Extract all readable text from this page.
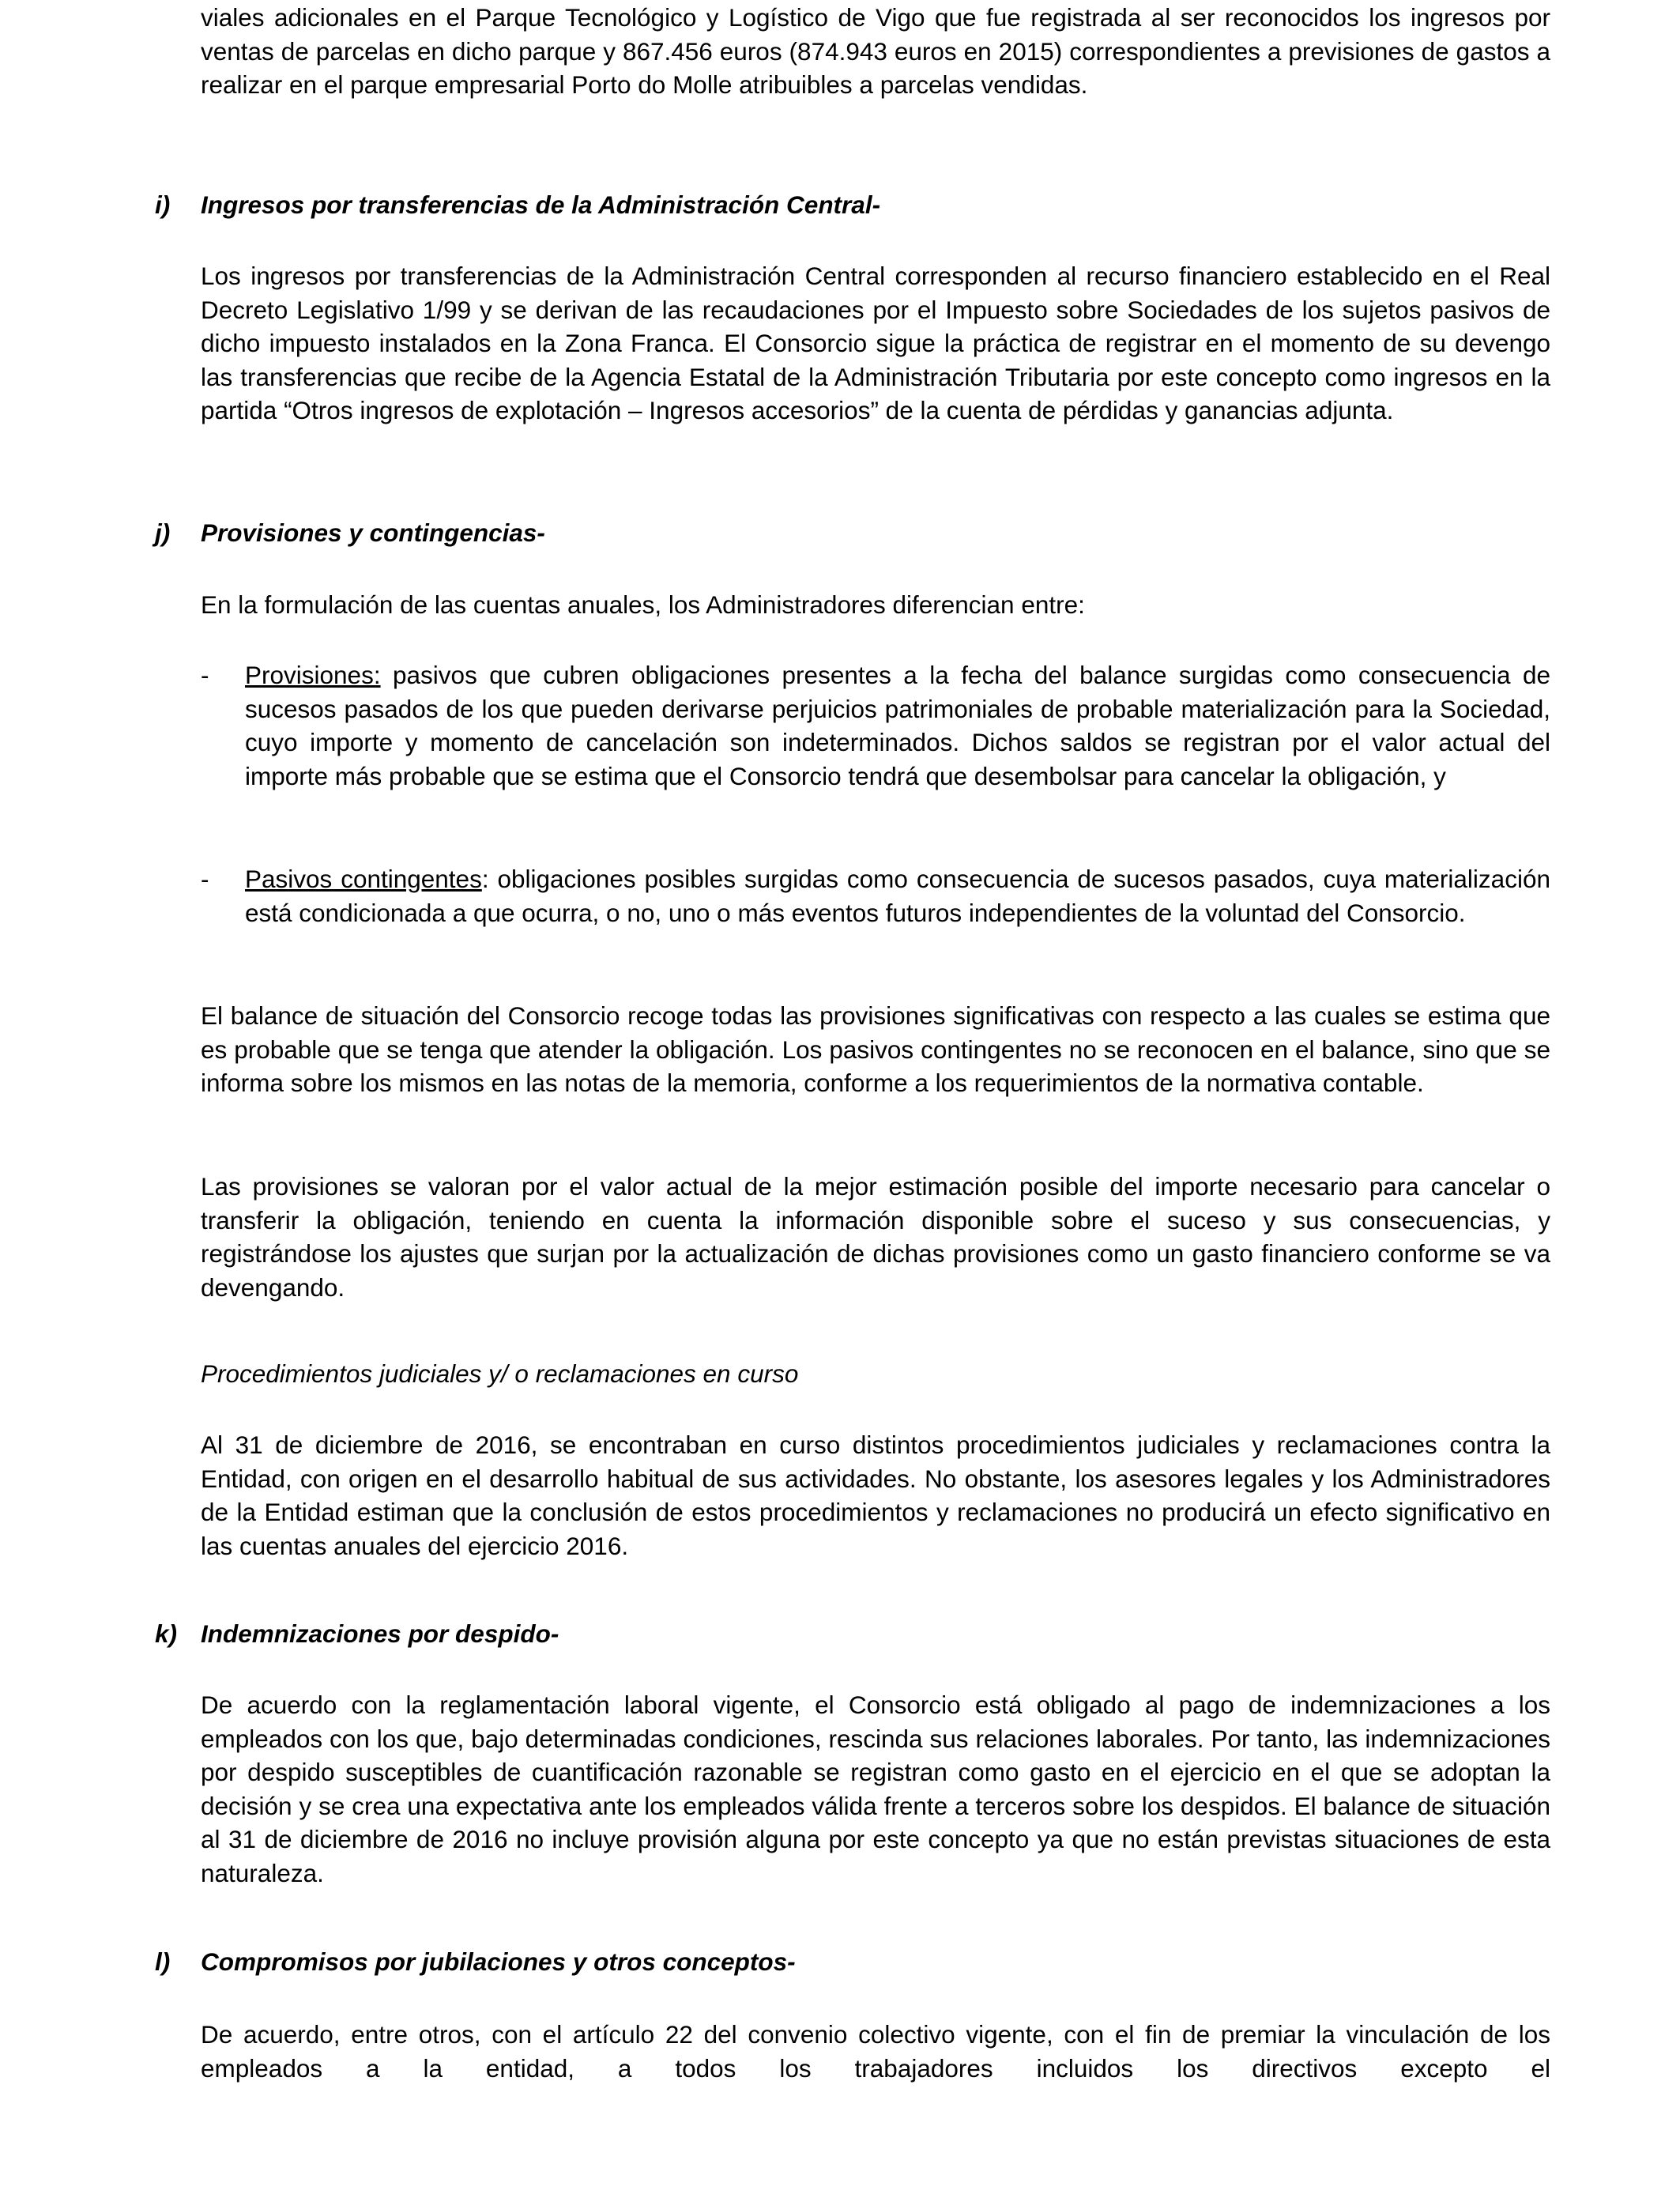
viales adicionales en el Parque Tecnológico y Logístico de Vigo que fue registrada al ser reconocidos los ingresos por ventas de parcelas en dicho parque y 867.456 euros (874.943 euros en 2015) correspondientes a previsiones de gastos a realizar en el parque empresarial Porto do Molle atribuibles a parcelas vendidas.

i) Ingresos por transferencias de la Administración Central-

Los ingresos por transferencias de la Administración Central corresponden al recurso financiero establecido en el Real Decreto Legislativo 1/99 y se derivan de las recaudaciones por el Impuesto sobre Sociedades de los sujetos pasivos de dicho impuesto instalados en la Zona Franca. El Consorcio sigue la práctica de registrar en el momento de su devengo las transferencias que recibe de la Agencia Estatal de la Administración Tributaria por este concepto como ingresos en la partida “Otros ingresos de explotación – Ingresos accesorios” de la cuenta de pérdidas y ganancias adjunta.

j) Provisiones y contingencias-

En la formulación de las cuentas anuales, los Administradores diferencian entre:

-	Provisiones: pasivos que cubren obligaciones presentes a la fecha del balance surgidas como consecuencia de sucesos pasados de los que pueden derivarse perjuicios patrimoniales de probable materialización para la Sociedad, cuyo importe y momento de cancelación son indeterminados. Dichos saldos se registran por el valor actual del importe más probable que se estima que el Consorcio tendrá que desembolsar para cancelar la obligación, y
-	Pasivos contingentes: obligaciones posibles surgidas como consecuencia de sucesos pasados, cuya materialización está condicionada a que ocurra, o no, uno o más eventos futuros independientes de la voluntad del Consorcio.

El balance de situación del Consorcio recoge todas las provisiones significativas con respecto a las cuales se estima que es probable que se tenga que atender la obligación. Los pasivos contingentes no se reconocen en el balance, sino que se informa sobre los mismos en las notas de la memoria, conforme a los requerimientos de la normativa contable.

Las provisiones se valoran por el valor actual de la mejor estimación posible del importe necesario para cancelar o transferir la obligación, teniendo en cuenta la información disponible sobre el suceso y sus consecuencias, y registrándose los ajustes que surjan por la actualización de dichas provisiones como un gasto financiero conforme se va devengando.

Procedimientos judiciales y/ o reclamaciones en curso

Al 31 de diciembre de 2016, se encontraban en curso distintos procedimientos judiciales y reclamaciones contra la Entidad, con origen en el desarrollo habitual de sus actividades. No obstante, los asesores legales y los Administradores de la Entidad estiman que la conclusión de estos procedimientos y reclamaciones no producirá un efecto significativo en las cuentas anuales del ejercicio 2016.

k) Indemnizaciones por despido-

De acuerdo con la reglamentación laboral vigente, el Consorcio está obligado al pago de indemnizaciones a los empleados con los que, bajo determinadas condiciones, rescinda sus relaciones laborales. Por tanto, las indemnizaciones por despido susceptibles de cuantificación razonable se registran como gasto en el ejercicio en el que se adoptan la decisión y se crea una expectativa ante los empleados válida frente a terceros sobre los despidos. El balance de situación al 31 de diciembre de 2016 no incluye provisión alguna por este concepto ya que no están previstas situaciones de esta naturaleza.

l) Compromisos por jubilaciones y otros conceptos-

De acuerdo, entre otros, con el artículo 22 del convenio colectivo vigente, con el fin de premiar la vinculación de los empleados a la entidad, a todos los trabajadores incluidos los directivos excepto el
